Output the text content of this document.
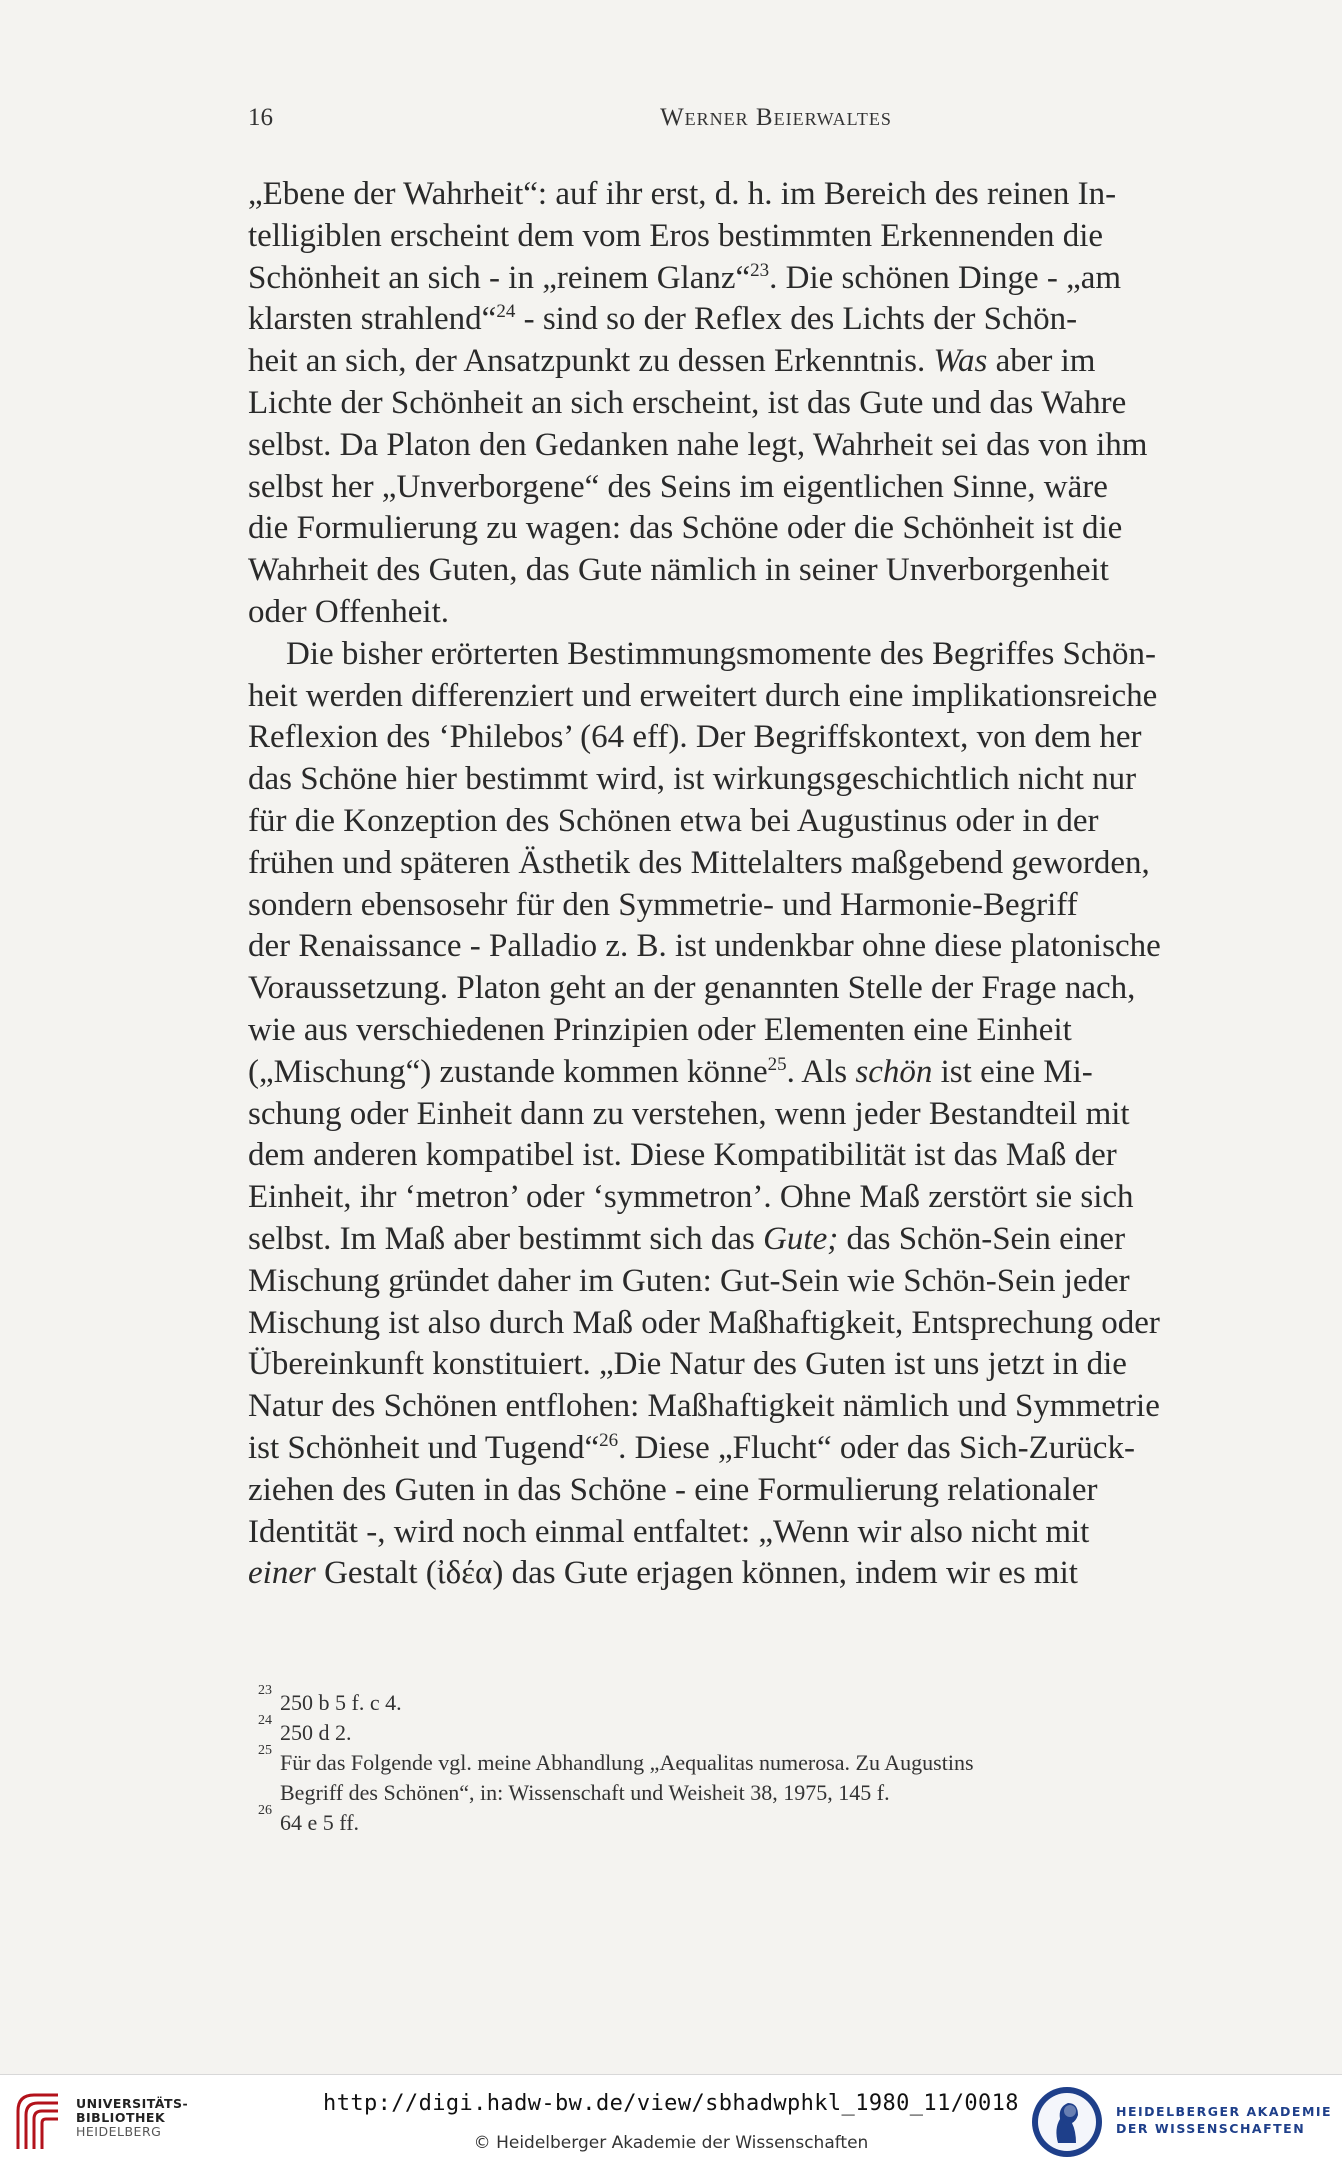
16	Werner Beierwaltes
„Ebene der Wahrheit“: auf ihr erst, d. h. im Bereich des reinen In-
telligiblen erscheint dem vom Eros bestimmten Erkennenden die
Schönheit an sich - in „reinem Glanz“$^{23}$. Die schönen Dinge - „am
klarsten strahlend“$^{24}$ - sind so der Reflex des Lichts der Schön-
heit an sich, der Ansatzpunkt zu dessen Erkenntnis. Was aber im
Lichte der Schönheit an sich erscheint, ist das Gute und das Wahre
selbst. Da Platon den Gedanken nahe legt, Wahrheit sei das von ihm
selbst her „Unverborgene“ des Seins im eigentlichen Sinne, wäre
die Formulierung zu wagen: das Schöne oder die Schönheit ist die
Wahrheit des Guten, das Gute nämlich in seiner Unverborgenheit
oder Offenheit.
Die bisher erörterten Bestimmungsmomente des Begriffes Schön-
heit werden differenziert und erweitert durch eine implikationsreiche
Reflexion des ‘Philebos’ (64 eff). Der Begriffskontext, von dem her
das Schöne hier bestimmt wird, ist wirkungsgeschichtlich nicht nur
für die Konzeption des Schönen etwa bei Augustinus oder in der
frühen und späteren Ästhetik des Mittelalters maßgebend geworden,
sondern ebensosehr für den Symmetrie- und Harmonie-Begriff
der Renaissance - Palladio z. B. ist undenkbar ohne diese platonische
Voraussetzung. Platon geht an der genannten Stelle der Frage nach,
wie aus verschiedenen Prinzipien oder Elementen eine Einheit
(„Mischung“) zustande kommen könne$^{25}$. Als schön ist eine Mi-
schung oder Einheit dann zu verstehen, wenn jeder Bestandteil mit
dem anderen kompatibel ist. Diese Kompatibilität ist das Maß der
Einheit, ihr ‘metron’ oder ‘symmetron’. Ohne Maß zerstört sie sich
selbst. Im Maß aber bestimmt sich das Gute; das Schön-Sein einer
Mischung gründet daher im Guten: Gut-Sein wie Schön-Sein jeder
Mischung ist also durch Maß oder Maßhaftigkeit, Entsprechung oder
Übereinkunft konstituiert. „Die Natur des Guten ist uns jetzt in die
Natur des Schönen entflohen: Maßhaftigkeit nämlich und Symmetrie
ist Schönheit und Tugend“$^{26}$. Diese „Flucht“ oder das Sich-Zurück-
ziehen des Guten in das Schöne - eine Formulierung relationaler
Identität -, wird noch einmal entfaltet: „Wenn wir also nicht mit
einer Gestalt (ἰδέα) das Gute erjagen können, indem wir es mit
23 250 b 5 f. c 4.
24 250 d 2.
25 Für das Folgende vgl. meine Abhandlung „Aequalitas numerosa. Zu Augustins
Begriff des Schönen“, in: Wissenschaft und Weisheit 38, 1975, 145 f.
26 64 e 5 ff.
UNIVERSITÄTS-
BIBLIOTHEK
HEIDELBERG
http://digi.hadw-bw.de/view/sbhadwphkl_1980_11/0018
© Heidelberger Akademie der Wissenschaften
HEIDELBERGER AKADEMIE
DER WISSENSCHAFTEN
